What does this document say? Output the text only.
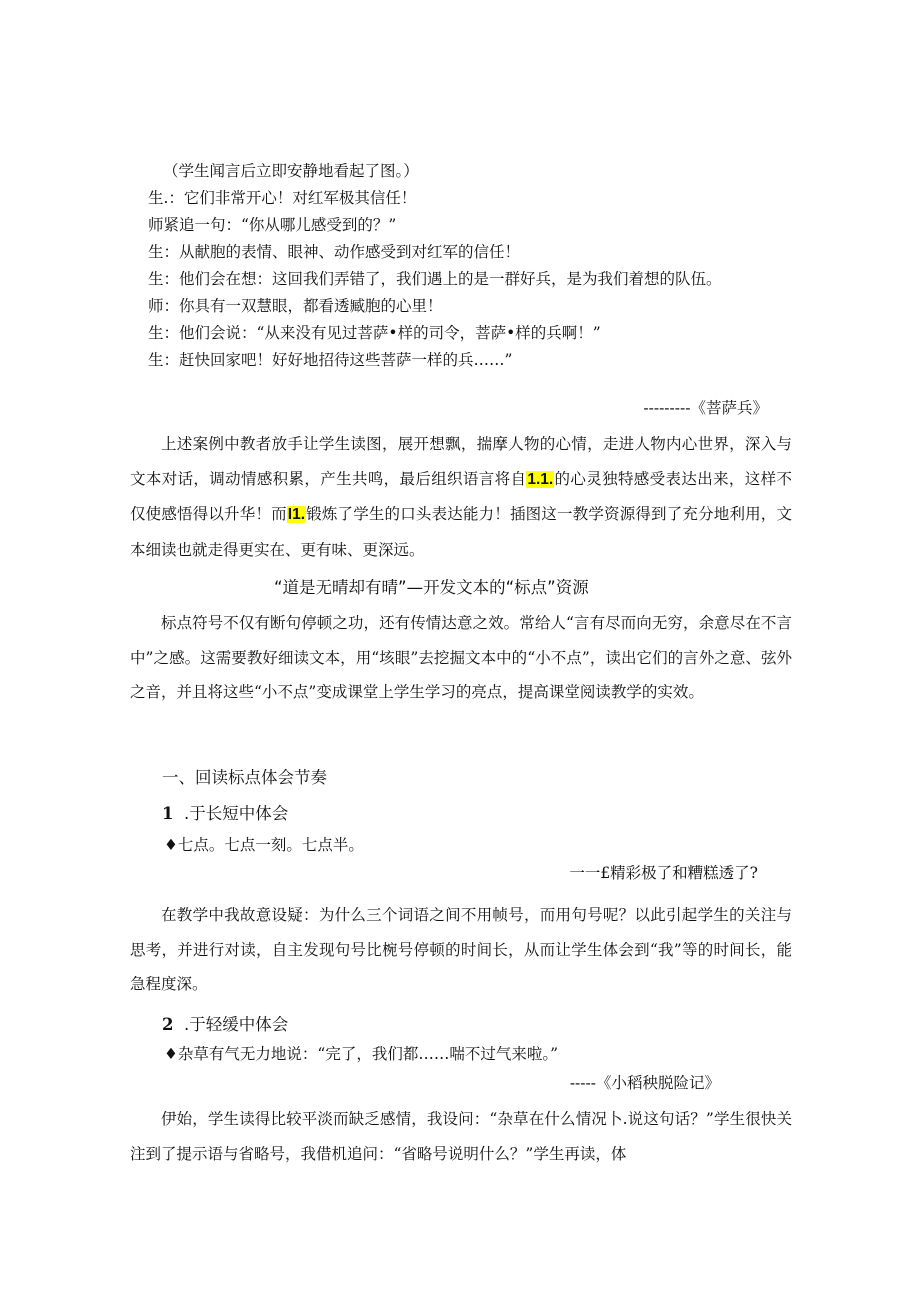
（学生闻言后立即安静地看起了图。）
生.：它们非常开心！对红军极其信任！
师紧追一句：“你从哪儿感受到的？”
生：从献胞的表情、眼神、动作感受到对红军的信任！
生：他们会在想：这回我们弄错了，我们遇上的是一群好兵，是为我们着想的队伍。
师：你具有一双慧眼，都看透臧胞的心里！
生：他们会说：“从来没有见过菩萨•样的司令，菩萨•样的兵啊！”
生：赶快回家吧！好好地招待这些菩萨一样的兵……”
---------《菩萨兵》
上述案例中教者放手让学生读图，展开想飘，揣摩人物的心情，走进人物内心世界，深入与文本对话，调动情感积累，产生共鸣，最后组织语言将自1.1.的心灵独特感受表达出来，这样不仅使感悟得以升华！而I1.锻炼了学生的口头表达能力！插图这一教学资源得到了充分地利用，文本细读也就走得更实在、更有味、更深远。
“道是无晴却有晴”—开发文本的“标点”资源
标点符号不仅有断句停顿之功，还有传情达意之效。常给人“言有尽而向无穷，余意尽在不言中”之感。这需要教好细读文本，用“垓眼”去挖掘文本中的“小不点”，读出它们的言外之意、弦外之音，并且将这些“小不点”变成课堂上学生学习的亮点，提高课堂阅读教学的实效。
一、回读标点体会节奏
1 .于长短中体会
♦七点。七点一刻。七点半。
一一£精彩极了和糟糕透了?
在教学中我故意设疑：为什么三个词语之间不用帧号，而用句号呢？以此引起学生的关注与思考，并进行对读，自主发现句号比椀号停顿的时间长，从而让学生体会到“我”等的时间长，能急程度深。
2 .于轻缓中体会
♦杂草有气无力地说：“完了，我们都……喘不过气来啦。”
-----《小稻秧脱险记》
伊始，学生读得比较平淡而缺乏感情，我设问：“杂草在什么情况卜.说这句话？”学生很快关注到了提示语与省略号，我借机追问：“省略号说明什么？”学生再读，体
